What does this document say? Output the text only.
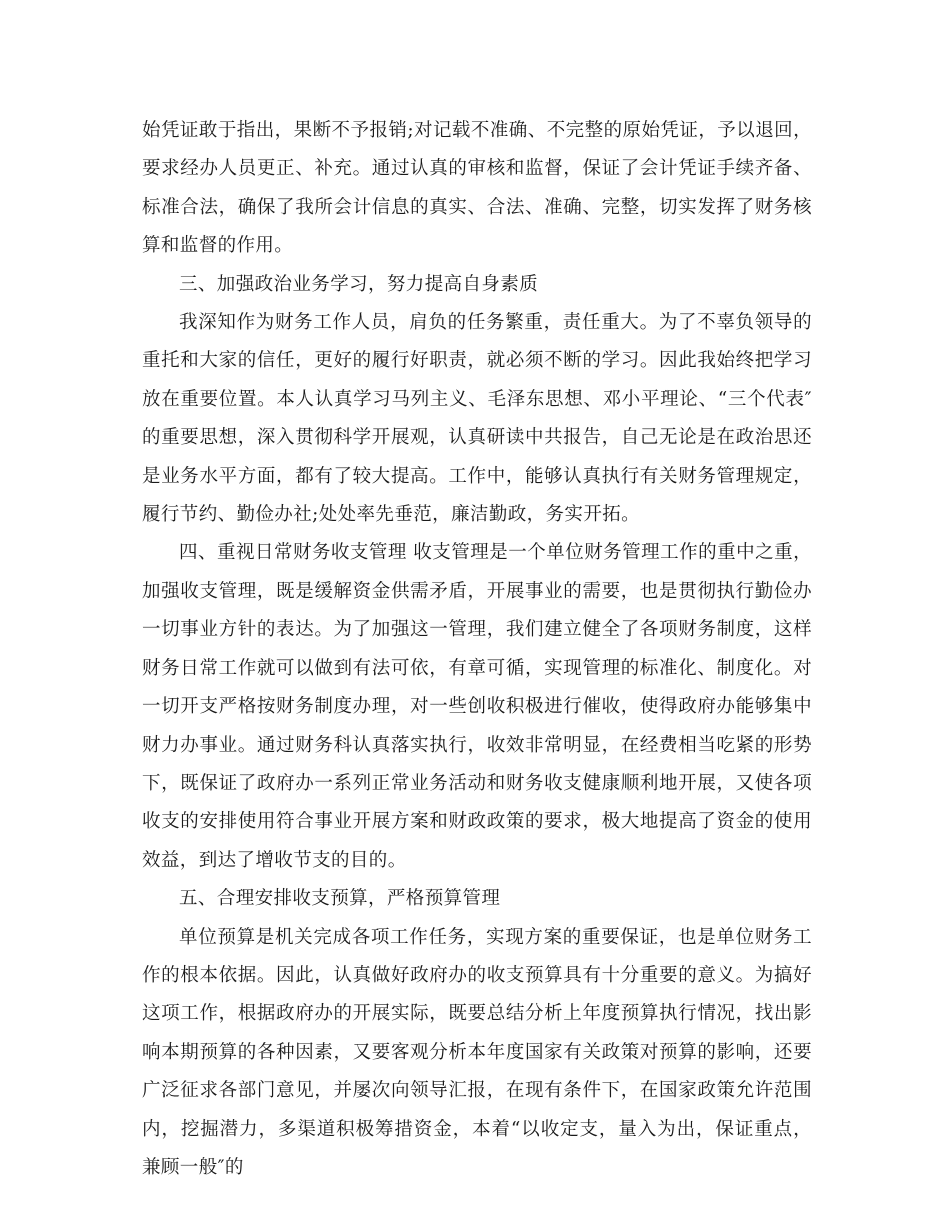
始凭证敢于指出，果断不予报销;对记载不准确、不完整的原始凭证，予以退回，要求经办人员更正、补充。通过认真的审核和监督，保证了会计凭证手续齐备、标准合法，确保了我所会计信息的真实、合法、准确、完整，切实发挥了财务核算和监督的作用。

三、加强政治业务学习，努力提高自身素质

我深知作为财务工作人员，肩负的任务繁重，责任重大。为了不辜负领导的重托和大家的信任，更好的履行好职责，就必须不断的学习。因此我始终把学习放在重要位置。本人认真学习马列主义、毛泽东思想、邓小平理论、“三个代表″的重要思想，深入贯彻科学开展观，认真研读中共报告，自己无论是在政治思还是业务水平方面，都有了较大提高。工作中，能够认真执行有关财务管理规定，履行节约、勤俭办社;处处率先垂范，廉洁勤政，务实开拓。

四、重视日常财务收支管理 收支管理是一个单位财务管理工作的重中之重，加强收支管理，既是缓解资金供需矛盾，开展事业的需要，也是贯彻执行勤俭办一切事业方针的表达。为了加强这一管理，我们建立健全了各项财务制度，这样财务日常工作就可以做到有法可依，有章可循，实现管理的标准化、制度化。对一切开支严格按财务制度办理，对一些创收积极进行催收，使得政府办能够集中财力办事业。通过财务科认真落实执行，收效非常明显，在经费相当吃紧的形势下，既保证了政府办一系列正常业务活动和财务收支健康顺利地开展，又使各项收支的安排使用符合事业开展方案和财政政策的要求，极大地提高了资金的使用效益，到达了增收节支的目的。

五、合理安排收支预算，严格预算管理

单位预算是机关完成各项工作任务，实现方案的重要保证，也是单位财务工作的根本依据。因此，认真做好政府办的收支预算具有十分重要的意义。为搞好这项工作，根据政府办的开展实际，既要总结分析上年度预算执行情况，找出影响本期预算的各种因素，又要客观分析本年度国家有关政策对预算的影响，还要广泛征求各部门意见，并屡次向领导汇报，在现有条件下，在国家政策允许范围内，挖掘潜力，多渠道积极筹措资金，本着“以收定支，量入为出，保证重点，兼顾一般″的
